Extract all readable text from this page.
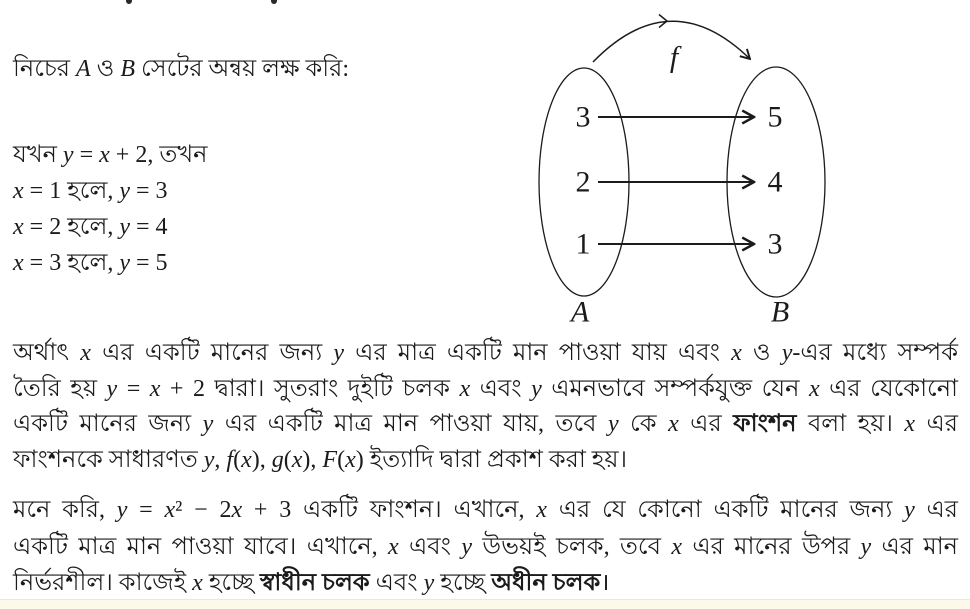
নিচের A ও B সেটের অন্বয় লক্ষ করি:
যখন y = x + 2, তখন
x = 1 হলে, y = 3
x = 2 হলে, y = 4
x = 3 হলে, y = 5
f
3
2
1
5
4
3
A	B
অর্থাৎ x এর একটি মানের জন্য y এর মাত্র একটি মান পাওয়া যায় এবং x ও y-এর মধ্যে সম্পর্ক
তৈরি হয় y = x + 2 দ্বারা। সুতরাং দুইটি চলক x এবং y এমনভাবে সম্পর্কযুক্ত যেন x এর যেকোনো
একটি মানের জন্য y এর একটি মাত্র মান পাওয়া যায়, তবে y কে x এর ফাংশন বলা হয়। x এর
ফাংশনকে সাধারণত y, f(x), g(x), F(x) ইত্যাদি দ্বারা প্রকাশ করা হয়।
মনে করি, y = x² − 2x + 3 একটি ফাংশন। এখানে, x এর যে কোনো একটি মানের জন্য y এর
একটি মাত্র মান পাওয়া যাবে। এখানে, x এবং y উভয়ই চলক, তবে x এর মানের উপর y এর মান
নির্ভরশীল। কাজেই x হচ্ছে স্বাধীন চলক এবং y হচ্ছে অধীন চলক।
